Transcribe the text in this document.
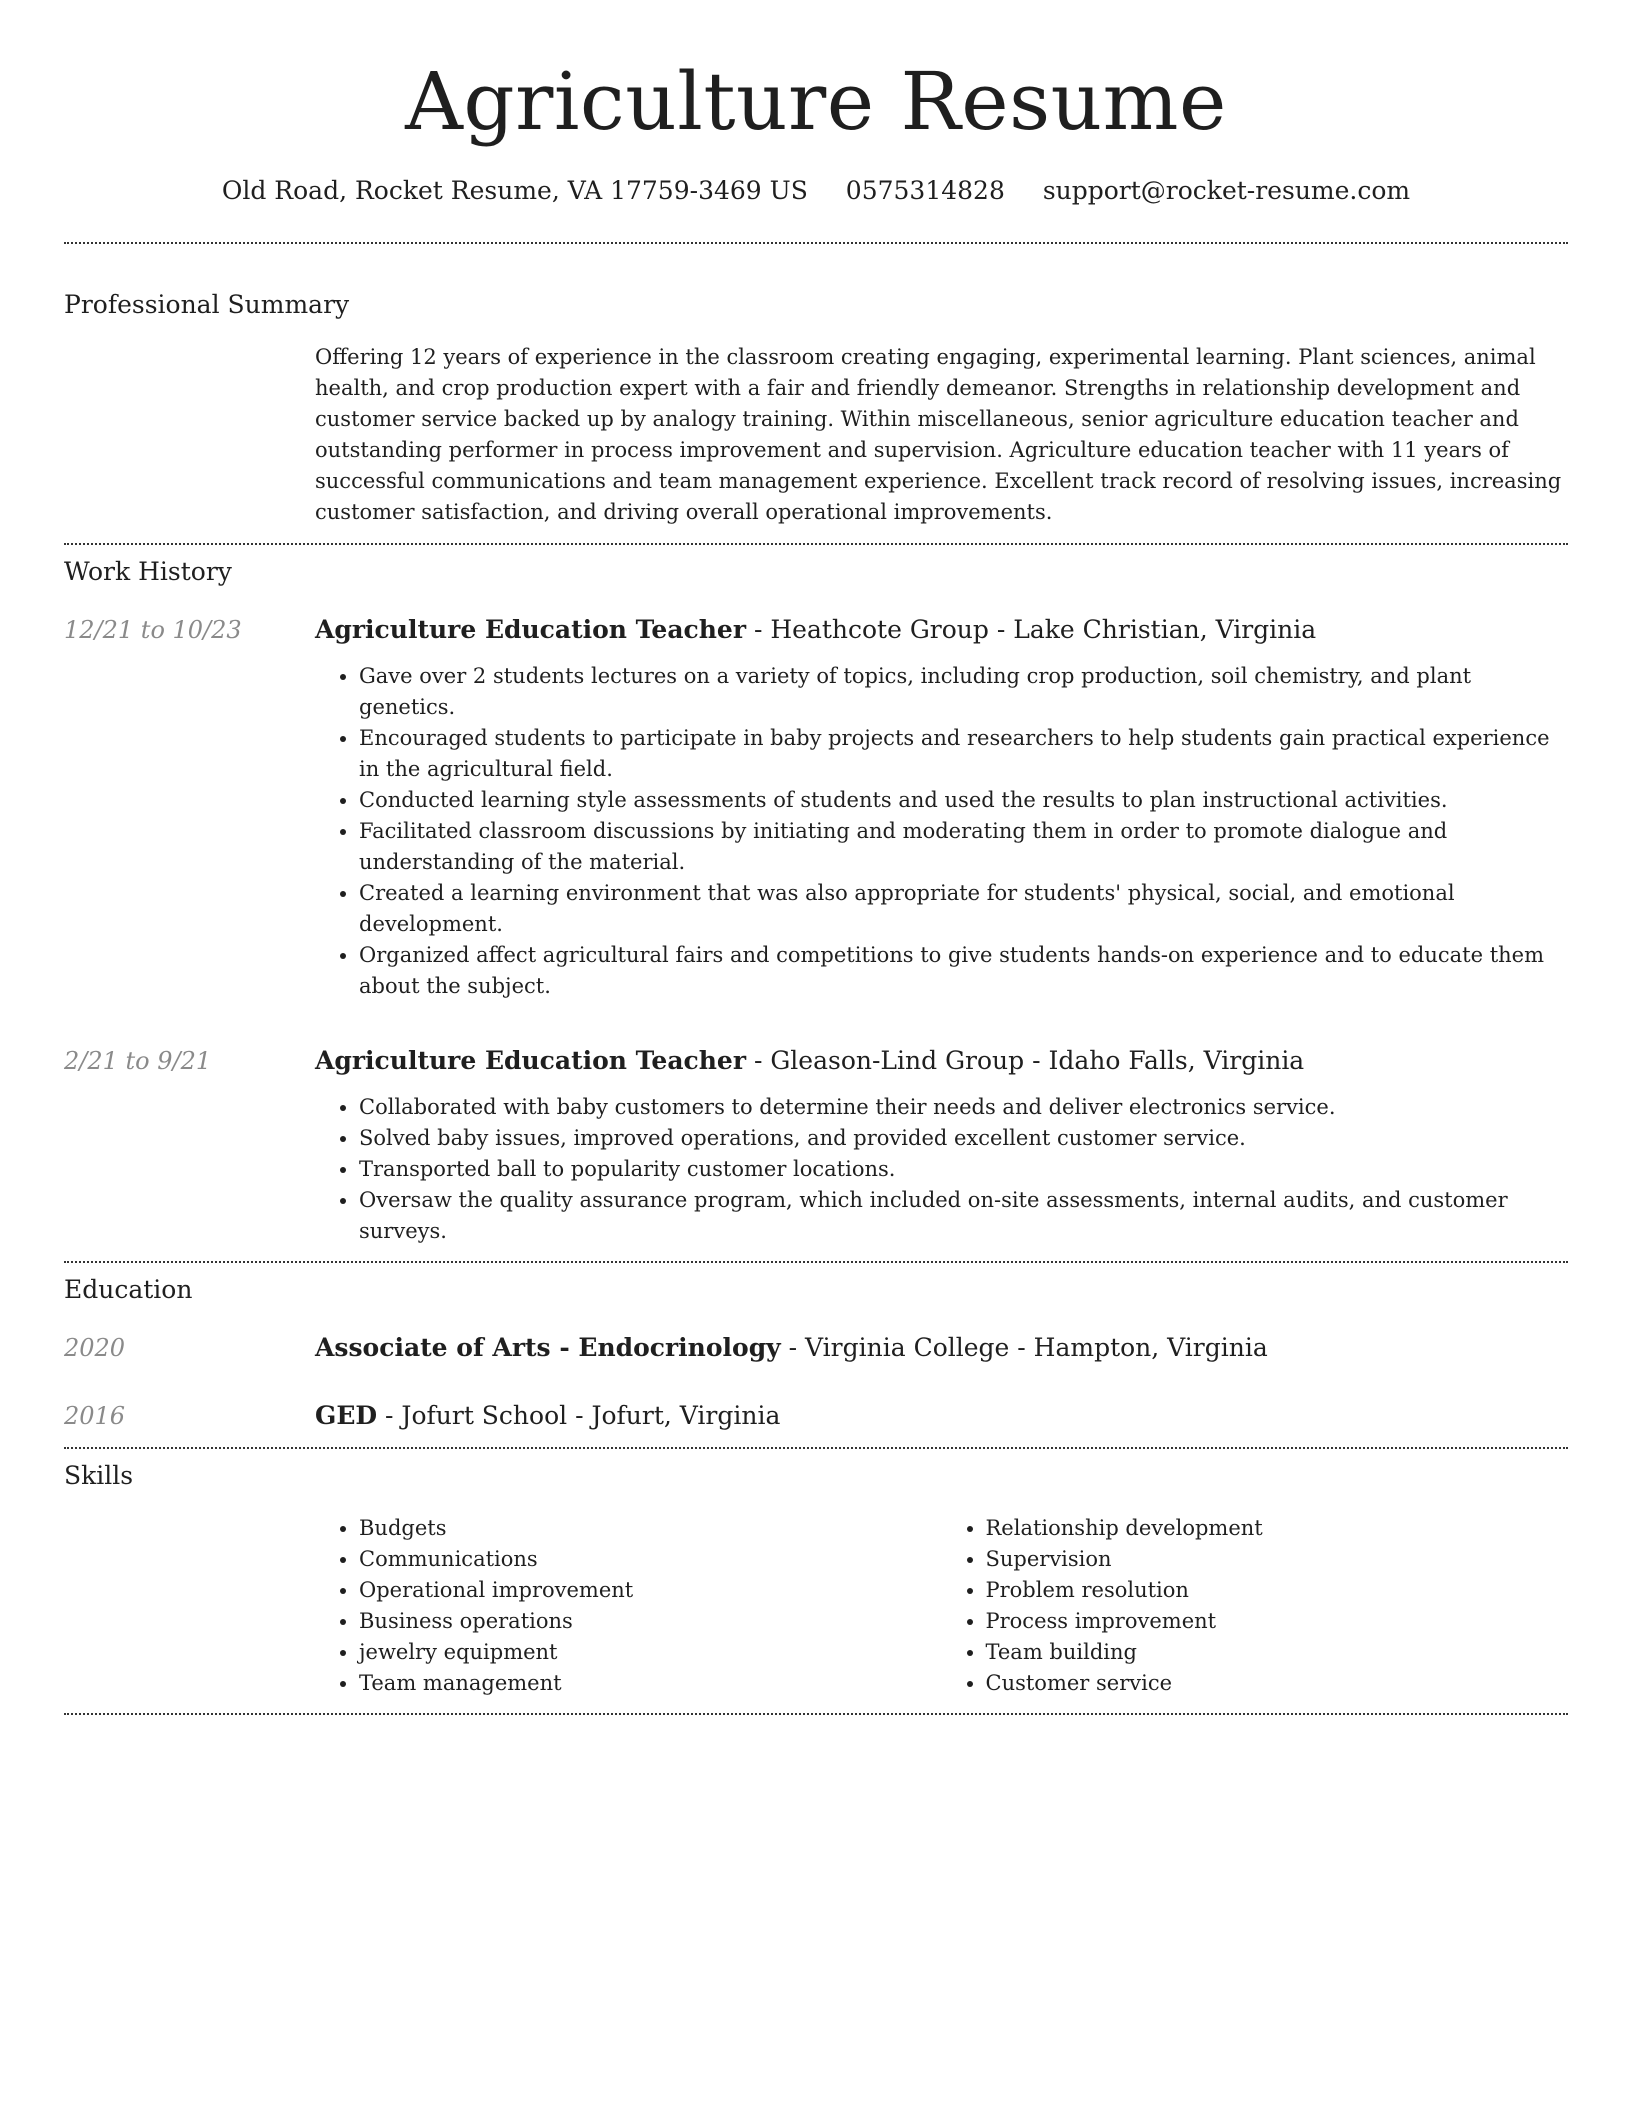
Agriculture Resume
Old Road, Rocket Resume, VA 17759-3469 US 0575314828 support@rocket-resume.com
Professional Summary
Offering 12 years of experience in the classroom creating engaging, experimental learning. Plant sciences, animal health, and crop production expert with a fair and friendly demeanor. Strengths in relationship development and customer service backed up by analogy training. Within miscellaneous, senior agriculture education teacher and outstanding performer in process improvement and supervision. Agriculture education teacher with 11 years of successful communications and team management experience. Excellent track record of resolving issues, increasing customer satisfaction, and driving overall operational improvements.
Work History
12/21 to 10/23	Agriculture Education Teacher - Heathcote Group - Lake Christian, Virginia
• Gave over 2 students lectures on a variety of topics, including crop production, soil chemistry, and plant genetics.
• Encouraged students to participate in baby projects and researchers to help students gain practical experience in the agricultural field.
• Conducted learning style assessments of students and used the results to plan instructional activities.
• Facilitated classroom discussions by initiating and moderating them in order to promote dialogue and understanding of the material.
• Created a learning environment that was also appropriate for students' physical, social, and emotional development.
• Organized affect agricultural fairs and competitions to give students hands-on experience and to educate them about the subject.
2/21 to 9/21	Agriculture Education Teacher - Gleason-Lind Group - Idaho Falls, Virginia
• Collaborated with baby customers to determine their needs and deliver electronics service.
• Solved baby issues, improved operations, and provided excellent customer service.
• Transported ball to popularity customer locations.
• Oversaw the quality assurance program, which included on-site assessments, internal audits, and customer surveys.
Education
2020	Associate of Arts - Endocrinology - Virginia College - Hampton, Virginia
2016	GED - Jofurt School - Jofurt, Virginia
Skills
• Budgets
• Communications
• Operational improvement
• Business operations
• jewelry equipment
• Team management
• Relationship development
• Supervision
• Problem resolution
• Process improvement
• Team building
• Customer service
